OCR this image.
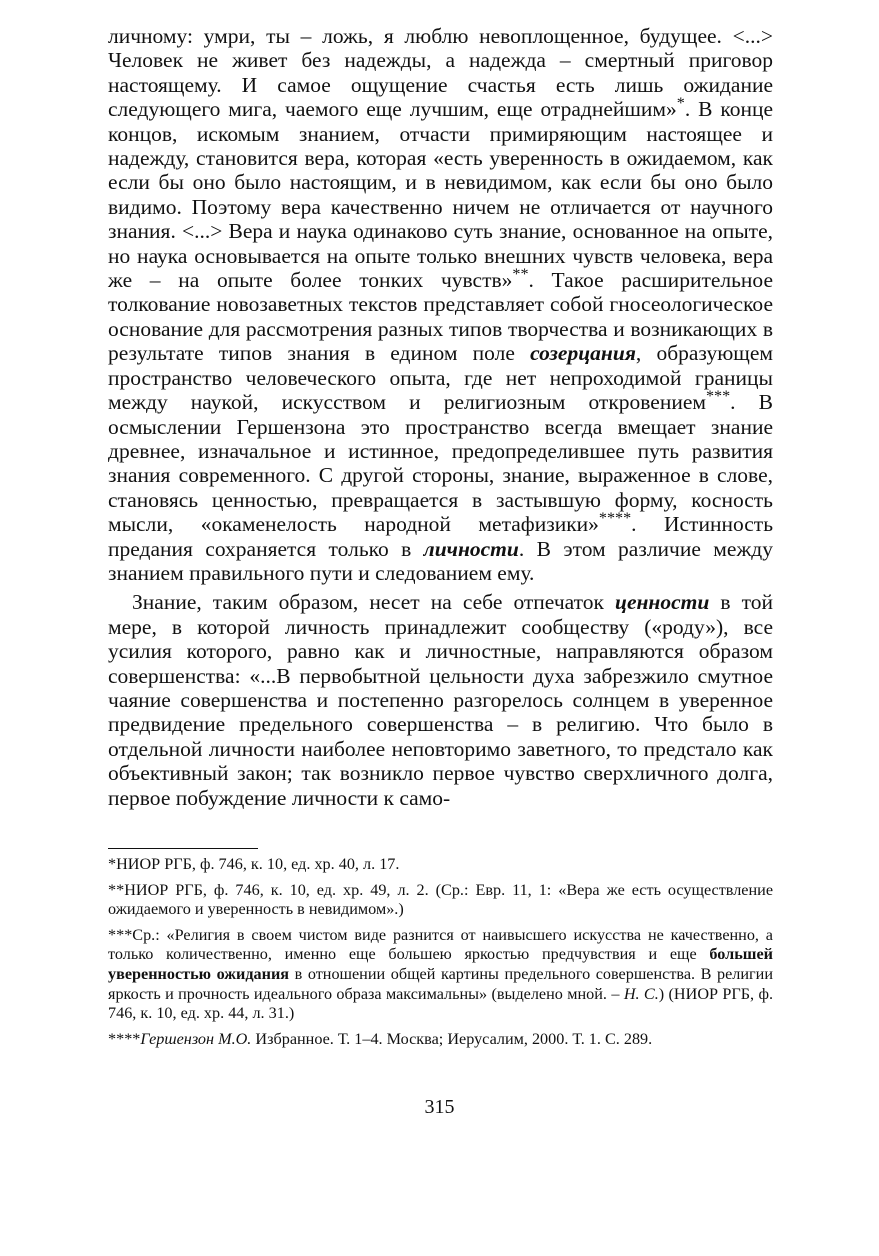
личному: умри, ты – ложь, я люблю невоплощенное, будущее. <...> Человек не живет без надежды, а надежда – смертный приговор настоящему. И самое ощущение счастья есть лишь ожидание следующего мига, чаемого еще лучшим, еще отраднейшим»*. В конце концов, искомым знанием, отчасти примиряющим настоящее и надежду, становится вера, которая «есть уверенность в ожидаемом, как если бы оно было настоящим, и в невидимом, как если бы оно было видимо. Поэтому вера качественно ничем не отличается от научного знания. <...> Вера и наука одинаково суть знание, основанное на опыте, но наука основывается на опыте только внешних чувств человека, вера же – на опыте более тонких чувств»**. Такое расширительное толкование новозаветных текстов представляет собой гносеологическое основание для рассмотрения разных типов творчества и возникающих в результате типов знания в едином поле созерцания, образующем пространство человеческого опыта, где нет непроходимой границы между наукой, искусством и религиозным откровением***. В осмыслении Гершензона это пространство всегда вмещает знание древнее, изначальное и истинное, предопределившее путь развития знания современного. С другой стороны, знание, выраженное в слове, становясь ценностью, превращается в застывшую форму, косность мысли, «окаменелость народной метафизики»****. Истинность предания сохраняется только в личности. В этом различие между знанием правильного пути и следованием ему.

Знание, таким образом, несет на себе отпечаток ценности в той мере, в которой личность принадлежит сообществу («роду»), все усилия которого, равно как и личностные, направляются образом совершенства: «...В первобытной цельности духа забрезжило смутное чаяние совершенства и постепенно разгорелось солнцем в уверенное предвидение предельного совершенства – в религию. Что было в отдельной личности наиболее неповторимо заветного, то предстало как объективный закон; так возникло первое чувство сверхличного долга, первое побуждение личности к само-

*НИОР РГБ, ф. 746, к. 10, ед. хр. 40, л. 17.

**НИОР РГБ, ф. 746, к. 10, ед. хр. 49, л. 2. (Ср.: Евр. 11, 1: «Вера же есть осуществление ожидаемого и уверенность в невидимом».)

***Ср.: «Религия в своем чистом виде разнится от наивысшего искусства не качественно, а только количественно, именно еще большею яркостью предчувствия и еще большей уверенностью ожидания в отношении общей картины предельного совершенства. В религии яркость и прочность идеального образа максимальны» (выделено мной. – Н. С.) (НИОР РГБ, ф. 746, к. 10, ед. хр. 44, л. 31.)

****Гершензон М.О. Избранное. Т. 1–4. Москва; Иерусалим, 2000. Т. 1. С. 289.

315
